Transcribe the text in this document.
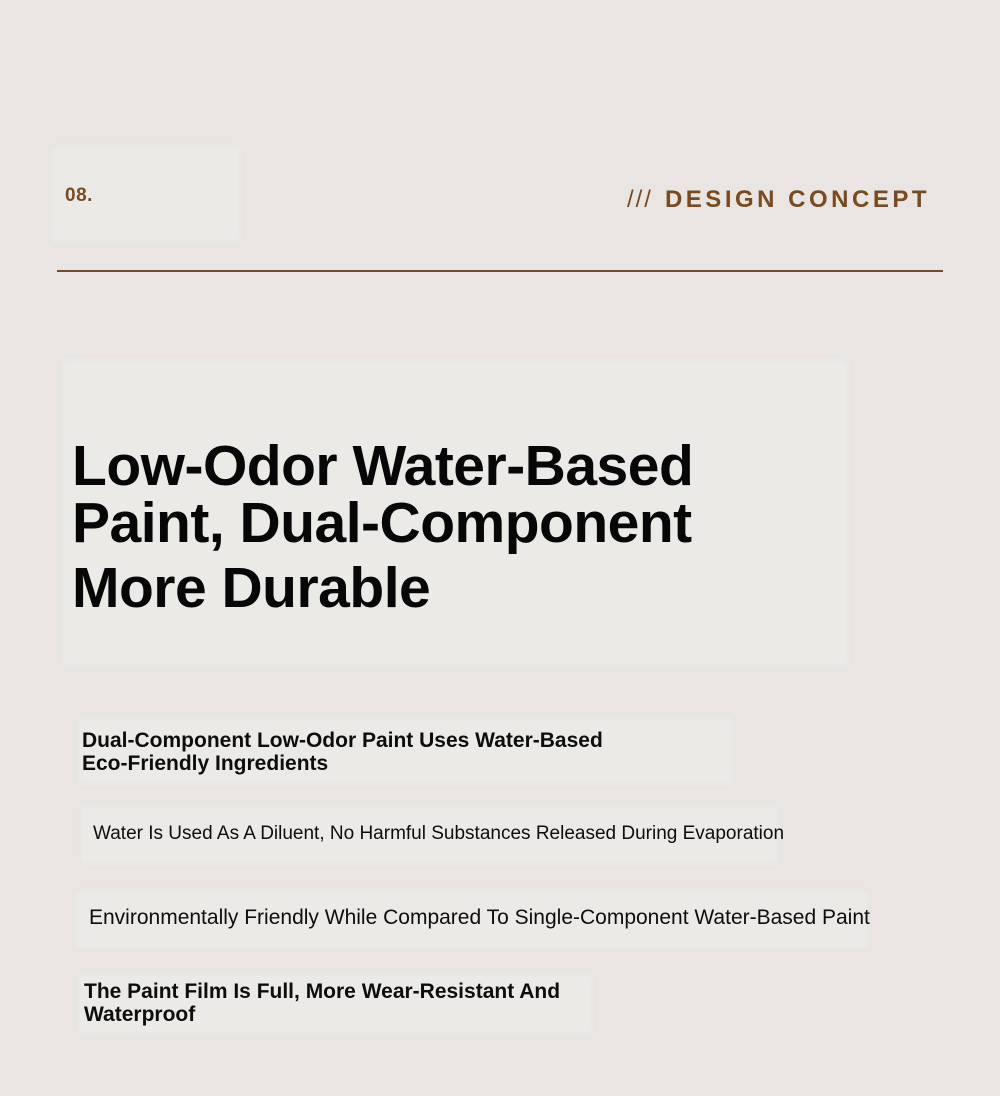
08.	/// DESIGN CONCEPT
Low-Odor Water-Based
Paint, Dual-Component
More Durable
Dual-Component Low-Odor Paint Uses Water-Based
Eco-Friendly Ingredients
Water Is Used As A Diluent, No Harmful Substances Released During Evaporation
Environmentally Friendly While Compared To Single-Component Water-Based Paint
The Paint Film Is Full, More Wear-Resistant And
Waterproof
